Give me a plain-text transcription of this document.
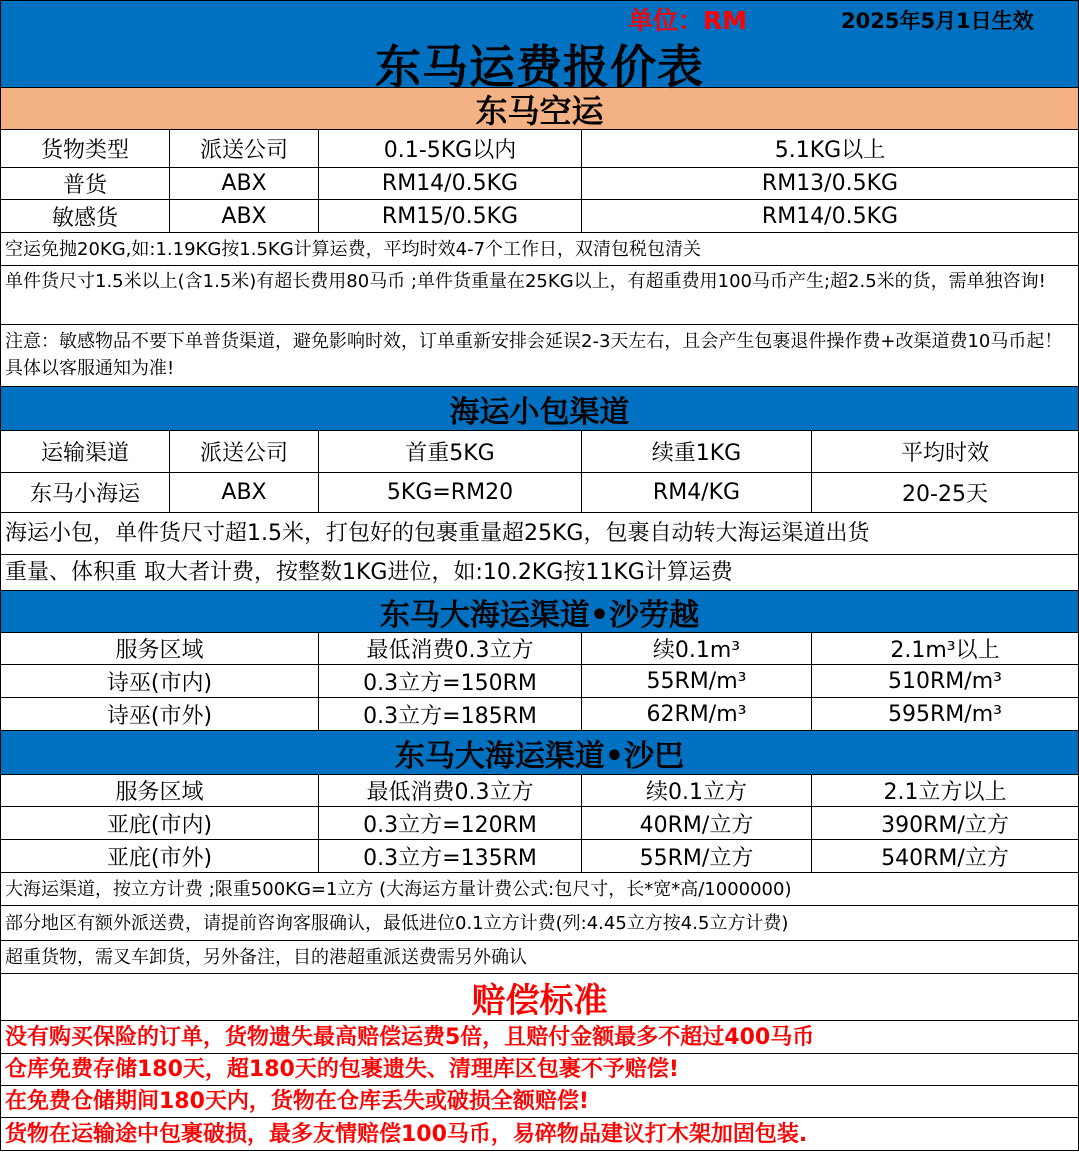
单位：RM	2025年5月1日生效
东马运费报价表
东马空运
货物类型	派送公司	0.1-5KG以内	5.1KG以上
普货	ABX	RM14/0.5KG	RM13/0.5KG
敏感货	ABX	RM15/0.5KG	RM14/0.5KG
空运免抛20KG,如:1.19KG按1.5KG计算运费，平均时效4-7个工作日，双清包税包清关
单件货尺寸1.5米以上(含1.5米)有超长费用80马币 ;单件货重量在25KG以上，有超重费用100马币产生;超2.5米的货，需单独咨询!
注意：敏感物品不要下单普货渠道，避免影响时效，订单重新安排会延误2-3天左右，且会产生包裹退件操作费+改渠道费10马币起！ 具体以客服通知为准!
海运小包渠道
运输渠道	派送公司	首重5KG	续重1KG	平均时效
东马小海运	ABX	5KG=RM20	RM4/KG	20-25天
海运小包，单件货尺寸超1.5米，打包好的包裹重量超25KG，包裹自动转大海运渠道出货
重量、体积重 取大者计费，按整数1KG进位，如:10.2KG按11KG计算运费
东马大海运渠道•沙劳越
服务区域	最低消费0.3立方	续0.1m³	2.1m³以上
诗巫(市内)	0.3立方=150RM	55RM/m³	510RM/m³
诗巫(市外)	0.3立方=185RM	62RM/m³	595RM/m³
东马大海运渠道•沙巴
服务区域	最低消费0.3立方	续0.1立方	2.1立方以上
亚庇(市内)	0.3立方=120RM	40RM/立方	390RM/立方
亚庇(市外)	0.3立方=135RM	55RM/立方	540RM/立方
大海运渠道，按立方计费 ;限重500KG=1立方 (大海运方量计费公式:包尺寸，长*宽*高/1000000)
部分地区有额外派送费，请提前咨询客服确认，最低进位0.1立方计费(列:4.45立方按4.5立方计费)
超重货物，需叉车卸货，另外备注，目的港超重派送费需另外确认
赔偿标准
没有购买保险的订单，货物遗失最高赔偿运费5倍，且赔付金额最多不超过400马币
仓库免费存储180天，超180天的包裹遗失、清理库区包裹不予赔偿!
在免费仓储期间180天内，货物在仓库丢失或破损全额赔偿!
货物在运输途中包裹破损，最多友情赔偿100马币，易碎物品建议打木架加固包装.
